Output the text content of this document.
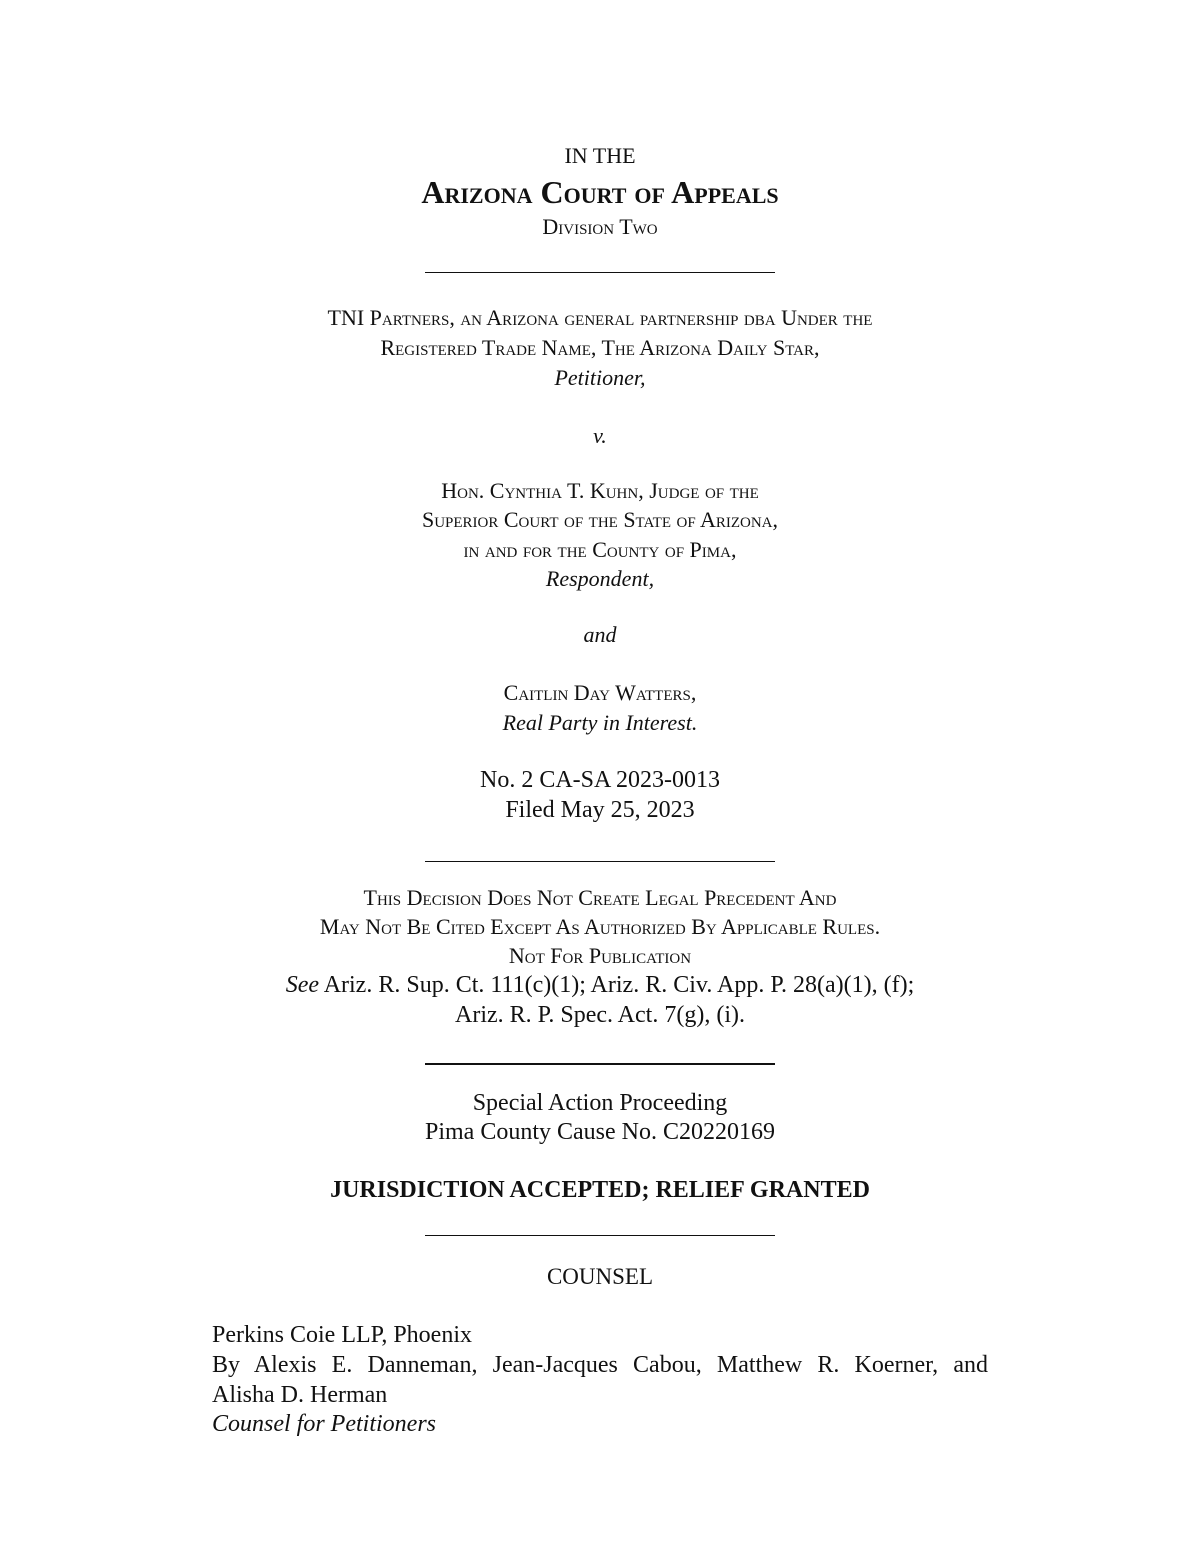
IN THE
Arizona Court of Appeals
Division Two
TNI Partners, an Arizona general partnership dba Under the
Registered Trade Name, The Arizona Daily Star,
Petitioner,
v.
Hon. Cynthia T. Kuhn, Judge of the
Superior Court of the State of Arizona,
in and for the County of Pima,
Respondent,
and
Caitlin Day Watters,
Real Party in Interest.
No. 2 CA-SA 2023-0013
Filed May 25, 2023
This Decision Does Not Create Legal Precedent And
May Not Be Cited Except As Authorized By Applicable Rules.
Not For Publication
See Ariz. R. Sup. Ct. 111(c)(1); Ariz. R. Civ. App. P. 28(a)(1), (f);
Ariz. R. P. Spec. Act. 7(g), (i).
Special Action Proceeding
Pima County Cause No. C20220169
JURISDICTION ACCEPTED; RELIEF GRANTED
COUNSEL
Perkins Coie LLP, Phoenix
By Alexis E. Danneman, Jean-Jacques Cabou, Matthew R. Koerner, and
Alisha D. Herman
Counsel for Petitioners
